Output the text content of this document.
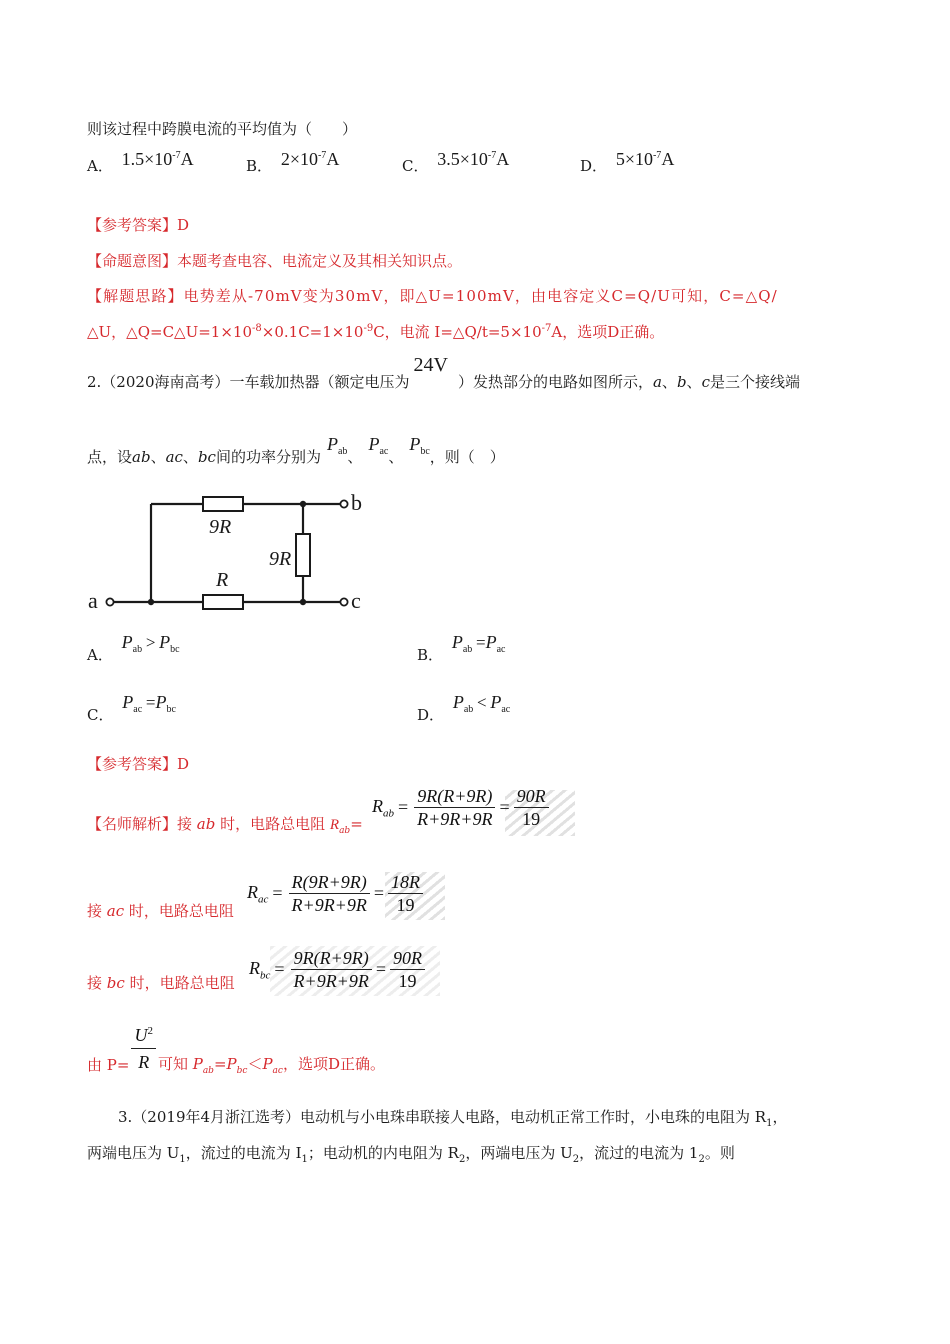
则该过程中跨膜电流的平均值为（　　）
A． $1.5\times 10^{-7}A$	B． $2\times 10^{-7}A$	C． $3.5\times 10^{-7}A$	D． $5\times 10^{-7}A$
【参考答案】D
【命题意图】本题考查电容、电流定义及其相关知识点。
【解题思路】电势差从-70mV变为30mV，即△U=100mV，由电容定义C=Q/U可知，C=△Q/
△U，$\triangle Q=C\triangle U=1\times 10^{-8}\times 0.1C=1\times 10^{-9}C$，电流 $I=\triangle Q/t=5\times 10^{-7}A$，选项D正确。
2.（2020海南高考）一车载加热器（额定电压为24V）发热部分的电路如图所示，a、b、c是三个接线端
点，设ab、ac、bc间的功率分别为$P_{ab}$、$P_{ac}$、$P_{bc}$，则（　）
9R
9R
R
b
c
a
A． $P_{ab} > P_{bc}$	B． $P_{ab} =P_{ac}$
C． $P_{ac} =P_{bc}$	D． $P_{ab} < P_{ac}$
【参考答案】D
【名师解析】接 ab 时，电路总电阻 $R_{ab}=$
$R_{ab} = \frac{9R(R+9R)}{R+9R+9R} = \frac{90R}{19}$
接 ac 时，电路总电阻
$R_{ac} = \frac{R(9R+9R)}{R+9R+9R} = \frac{18R}{19}$
接 bc 时，电路总电阻
$R_{bc} = \frac{9R(R+9R)}{R+9R+9R} = \frac{90R}{19}$
由 $P= \frac{U^2}{R}$ 可知 $P_{ab}=P_{bc}<P_{ac}$，选项D正确。
3.（2019年4月浙江选考）电动机与小电珠串联接人电路，电动机正常工作时，小电珠的电阻为 $R_1$，
两端电压为 $U_1$，流过的电流为 $I_1$；电动机的内电阻为 $R_2$，两端电压为 $U_2$，流过的电流为 $1_2$。则
